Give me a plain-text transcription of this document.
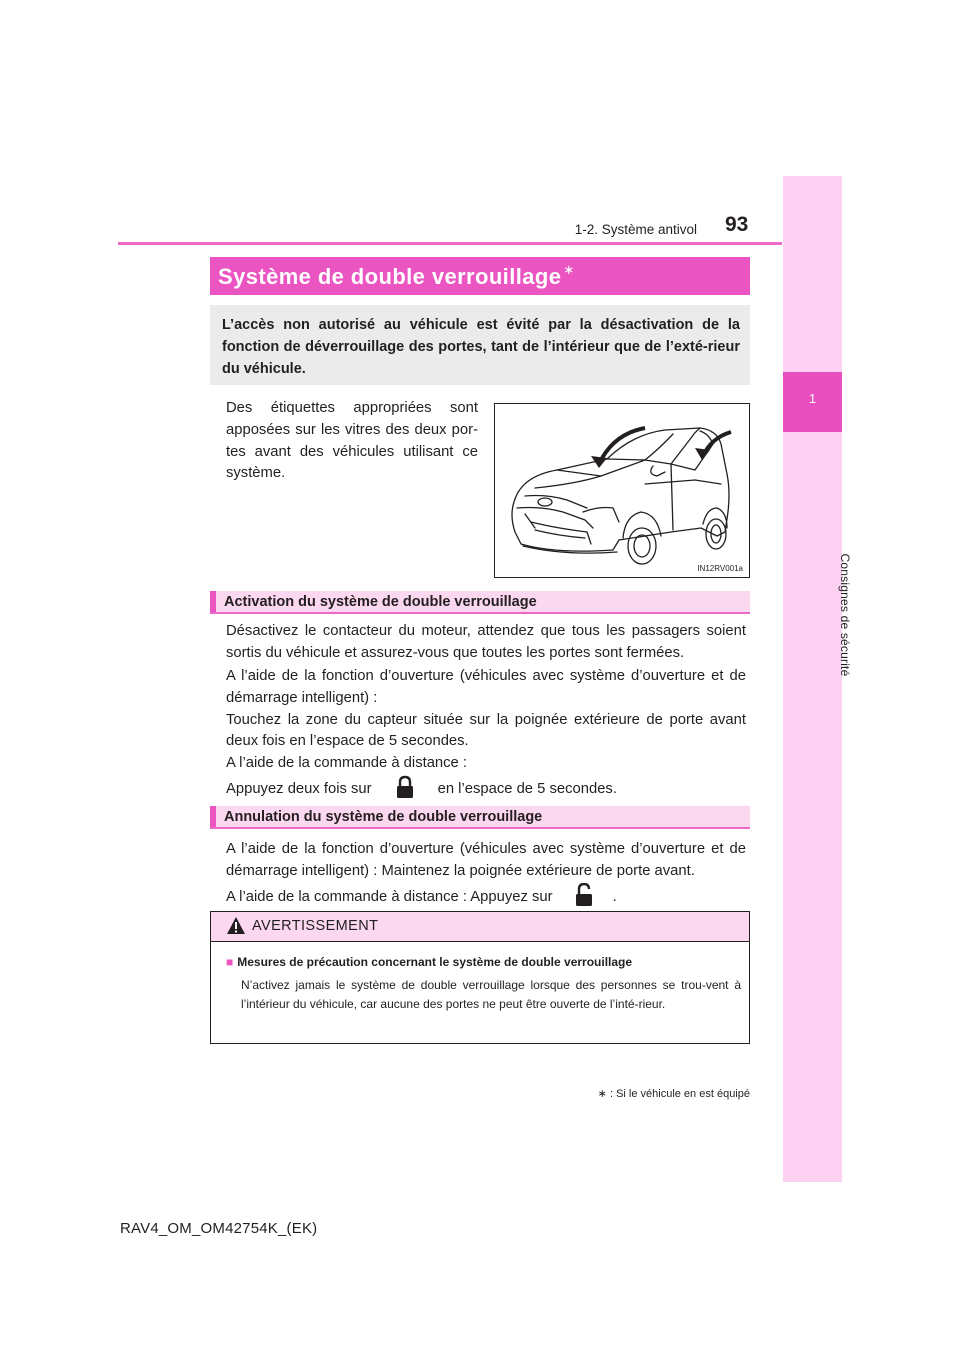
1
Consignes de sécurité
1-2. Système antivol 93
Système de double verrouillage ∗
L’accès non autorisé au véhicule est évité par la désactivation de la fonction de déverrouillage des portes, tant de l’intérieur que de l’exté-rieur du véhicule.
Des étiquettes appropriées sont apposées sur les vitres des deux por-tes avant des véhicules utilisant ce système.
IN12RV001a
Activation du système de double verrouillage
Désactivez le contacteur du moteur, attendez que tous les passagers soient sortis du véhicule et assurez-vous que toutes les portes sont fermées.
A l’aide de la fonction d’ouverture (véhicules avec système d’ouverture et de démarrage intelligent) :
Touchez la zone du capteur située sur la poignée extérieure de porte avant deux fois en l’espace de 5 secondes.
A l’aide de la commande à distance :
Appuyez deux fois sur	en l’espace de 5 secondes.
Annulation du système de double verrouillage
A l’aide de la fonction d’ouverture (véhicules avec système d’ouverture et de démarrage intelligent) : Maintenez la poignée extérieure de porte avant.
A l’aide de la commande à distance : Appuyez sur	.
AVERTISSEMENT
■ Mesures de précaution concernant le système de double verrouillage
N’activez jamais le système de double verrouillage lorsque des personnes se trou-vent à l’intérieur du véhicule, car aucune des portes ne peut être ouverte de l’inté-rieur.
∗ : Si le véhicule en est équipé
RAV4_OM_OM42754K_(EK)
